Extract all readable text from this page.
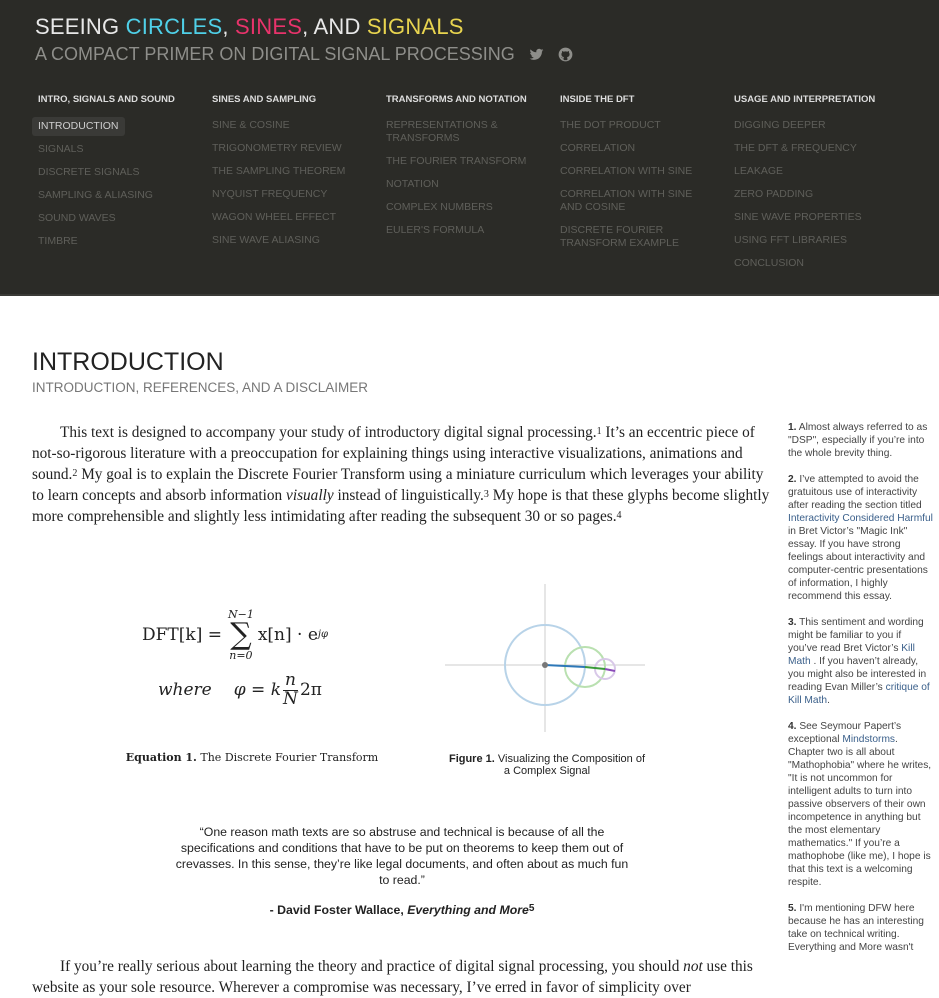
SEEING CIRCLES, SINES, AND SIGNALS
A COMPACT PRIMER ON DIGITAL SIGNAL PROCESSING
INTRO, SIGNALS AND SOUND
INTRODUCTION
SIGNALS
DISCRETE SIGNALS
SAMPLING & ALIASING
SOUND WAVES
TIMBRE
SINES AND SAMPLING
SINE & COSINE
TRIGONOMETRY REVIEW
THE SAMPLING THEOREM
NYQUIST FREQUENCY
WAGON WHEEL EFFECT
SINE WAVE ALIASING
TRANSFORMS AND NOTATION
REPRESENTATIONS & TRANSFORMS
THE FOURIER TRANSFORM
NOTATION
COMPLEX NUMBERS
EULER'S FORMULA
INSIDE THE DFT
THE DOT PRODUCT
CORRELATION
CORRELATION WITH SINE
CORRELATION WITH SINE AND COSINE
DISCRETE FOURIER TRANSFORM EXAMPLE
USAGE AND INTERPRETATION
DIGGING DEEPER
THE DFT & FREQUENCY
LEAKAGE
ZERO PADDING
SINE WAVE PROPERTIES
USING FFT LIBRARIES
CONCLUSION
INTRODUCTION
INTRODUCTION, REFERENCES, AND A DISCLAIMER

This text is designed to accompany your study of introductory digital signal processing.$^1$ It’s an eccentric piece of not-so-rigorous literature with a preoccupation for explaining things using interactive visualizations, animations and sound.$^2$ My goal is to explain the Discrete Fourier Transform using a miniature curriculum which leverages your ability to learn concepts and absorb information visually instead of linguistically.$^3$ My hope is that these glyphs become slightly more comprehensible and slightly less intimidating after reading the subsequent 30 or so pages.$^4$

DFT[k] =
N−1
∑
n=0
x[n] · e jφ
where φ = k
n
N 2π
Equation 1. The Discrete Fourier Transform	Figure 1. Visualizing the Composition of a Complex Signal
“One reason math texts are so abstruse and technical is because of all the specifications and conditions that have to be put on theorems to keep them out of crevasses. In this sense, they’re like legal documents, and often about as much fun to read.”
- David Foster Wallace, Everything and More$^5$

If you’re really serious about learning the theory and practice of digital signal processing, you should not use this website as your sole resource. Wherever a compromise was necessary, I’ve erred in favor of simplicity over

1. Almost always referred to as "DSP", especially if you’re into the whole brevity thing.
2. I’ve attempted to avoid the gratuitous use of interactivity after reading the section titled Interactivity Considered Harmful in Bret Victor’s "Magic Ink" essay. If you have strong feelings about interactivity and computer-centric presentations of information, I highly recommend this essay.
3. This sentiment and wording might be familiar to you if you’ve read Bret Victor’s Kill Math . If you haven’t already, you might also be interested in reading Evan Miller’s critique of Kill Math.
4. See Seymour Papert’s exceptional Mindstorms. Chapter two is all about "Mathophobia" where he writes, "It is not uncommon for intelligent adults to turn into passive observers of their own incompetence in anything but the most elementary mathematics." If you’re a mathophobe (like me), I hope is that this text is a welcoming respite.
5. I'm mentioning DFW here because he has an interesting take on technical writing. Everything and More wasn't
